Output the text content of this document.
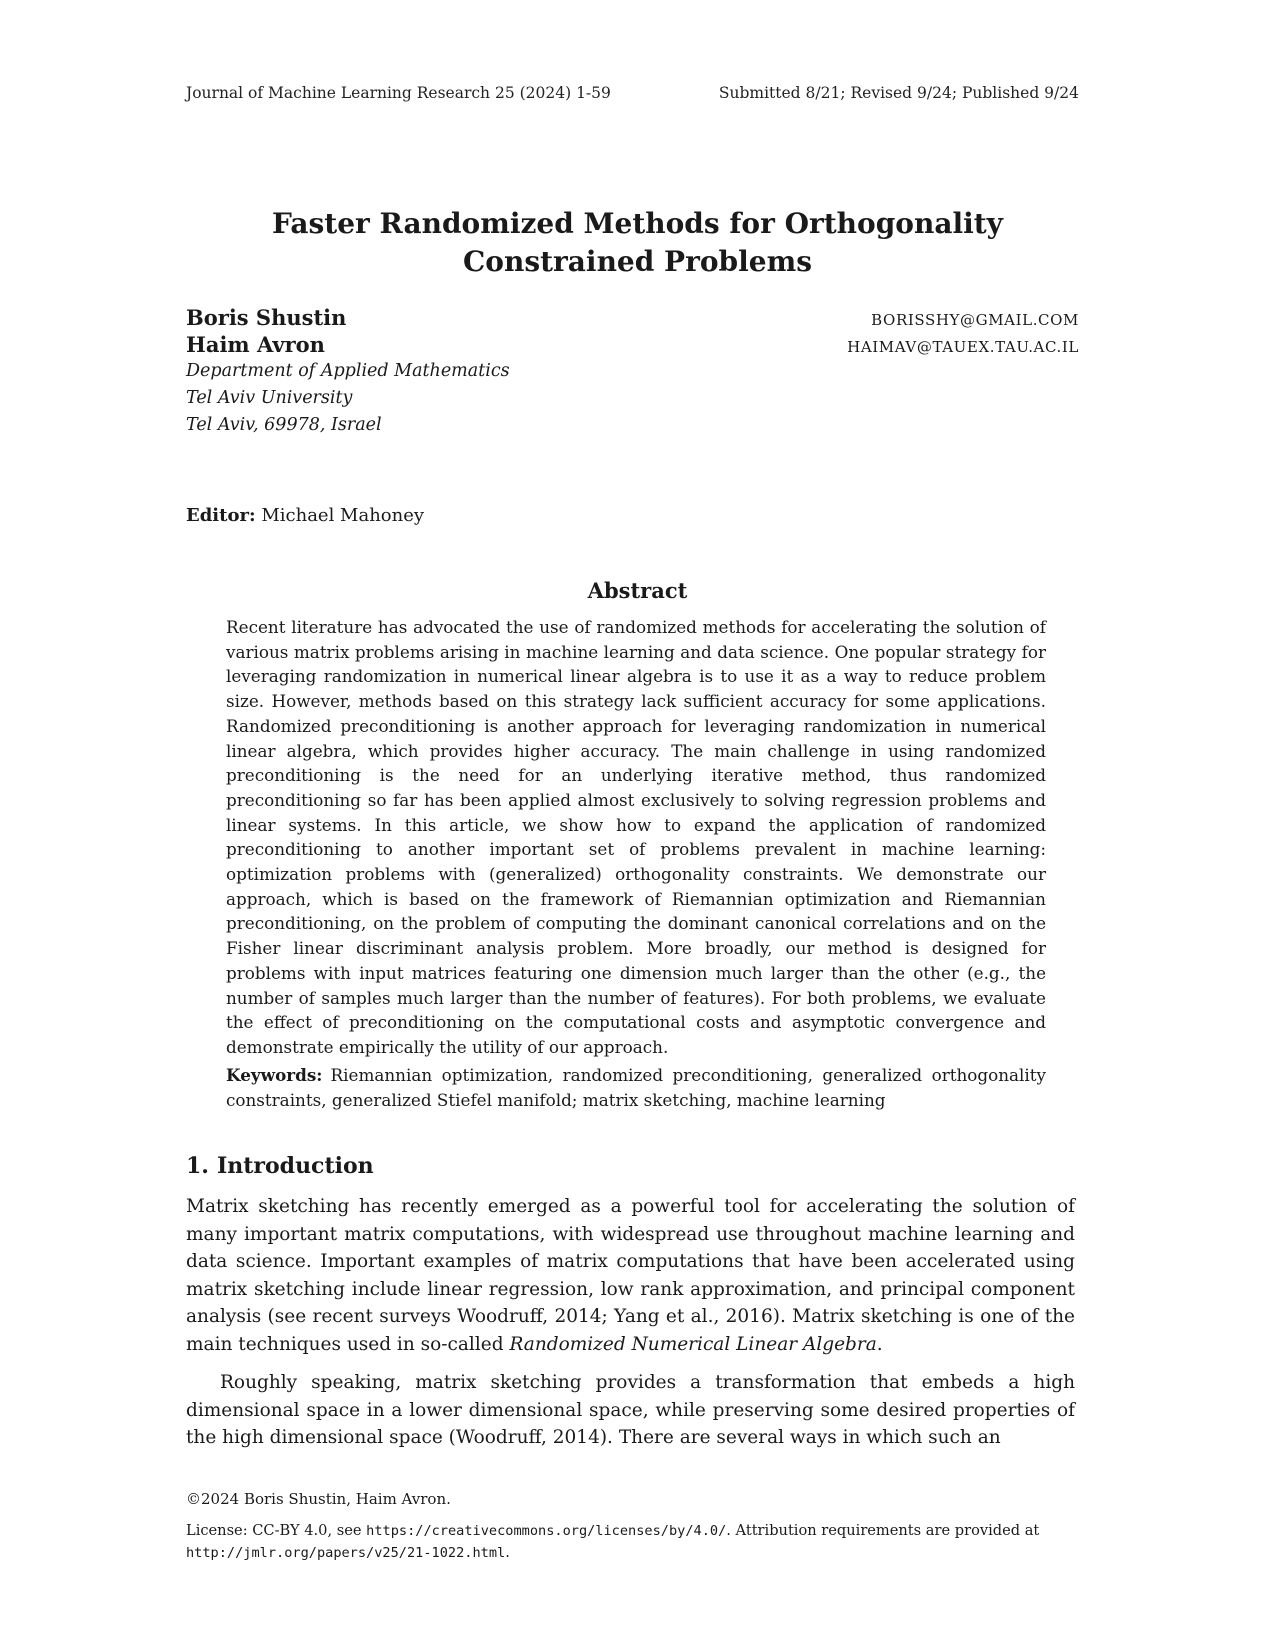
Journal of Machine Learning Research 25 (2024) 1-59	Submitted 8/21; Revised 9/24; Published 9/24
Faster Randomized Methods for Orthogonality Constrained Problems
Boris Shustin	BORISSHY@GMAIL.COM
Haim Avron	HAIMAV@TAUEX.TAU.AC.IL
Department of Applied Mathematics
Tel Aviv University
Tel Aviv, 69978, Israel
Editor: Michael Mahoney
Abstract

Recent literature has advocated the use of randomized methods for accelerating the solution of various matrix problems arising in machine learning and data science. One popular strategy for leveraging randomization in numerical linear algebra is to use it as a way to reduce problem size. However, methods based on this strategy lack sufficient accuracy for some applications. Randomized preconditioning is another approach for leveraging randomization in numerical linear algebra, which provides higher accuracy. The main challenge in using randomized preconditioning is the need for an underlying iterative method, thus randomized preconditioning so far has been applied almost exclusively to solving regression problems and linear systems. In this article, we show how to expand the application of randomized preconditioning to another important set of problems prevalent in machine learning: optimization problems with (generalized) orthogonality constraints. We demonstrate our approach, which is based on the framework of Riemannian optimization and Riemannian preconditioning, on the problem of computing the dominant canonical correlations and on the Fisher linear discriminant analysis problem. More broadly, our method is designed for problems with input matrices featuring one dimension much larger than the other (e.g., the number of samples much larger than the number of features). For both problems, we evaluate the effect of preconditioning on the computational costs and asymptotic convergence and demonstrate empirically the utility of our approach.

Keywords: Riemannian optimization, randomized preconditioning, generalized orthogonality constraints, generalized Stiefel manifold; matrix sketching, machine learning

1. Introduction

Matrix sketching has recently emerged as a powerful tool for accelerating the solution of many important matrix computations, with widespread use throughout machine learning and data science. Important examples of matrix computations that have been accelerated using matrix sketching include linear regression, low rank approximation, and principal component analysis (see recent surveys Woodruff, 2014; Yang et al., 2016). Matrix sketching is one of the main techniques used in so-called Randomized Numerical Linear Algebra.

Roughly speaking, matrix sketching provides a transformation that embeds a high dimensional space in a lower dimensional space, while preserving some desired properties of the high dimensional space (Woodruff, 2014). There are several ways in which such an

©2024 Boris Shustin, Haim Avron.

License: CC-BY 4.0, see https://creativecommons.org/licenses/by/4.0/. Attribution requirements are provided at http://jmlr.org/papers/v25/21-1022.html.
